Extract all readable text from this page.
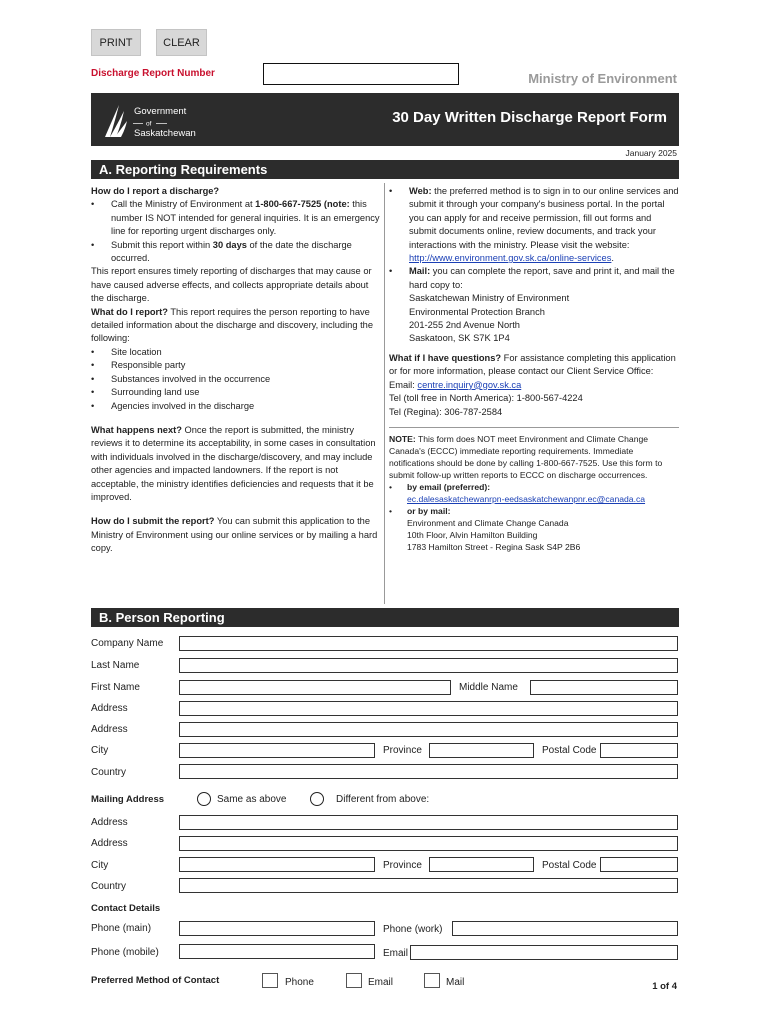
PRINT	CLEAR
Discharge Report Number	Ministry of Environment
Government
of
Saskatchewan
30 Day Written Discharge Report Form
January 2025
A. Reporting Requirements
How do I report a discharge?
• Call the Ministry of Environment at 1-800-667-7525 (note: this number IS NOT intended for general inquiries. It is an emergency line for reporting urgent discharges only.
• Submit this report within 30 days of the date the discharge occurred.
This report ensures timely reporting of discharges that may cause or have caused adverse effects, and collects appropriate details about the discharge.
What do I report? This report requires the person reporting to have detailed information about the discharge and discovery, including the following:
• Site location
• Responsible party
• Substances involved in the occurrence
• Surrounding land use
• Agencies involved in the discharge
What happens next? Once the report is submitted, the ministry reviews it to determine its acceptability, in some cases in consultation with individuals involved in the discharge/discovery, and may include other agencies and impacted landowners. If the report is not acceptable, the ministry identifies deficiencies and requests that it be improved.
How do I submit the report? You can submit this application to the Ministry of Environment using our online services or by mailing a hard copy.
• Web: the preferred method is to sign in to our online services and submit it through your company's business portal. In the portal you can apply for and receive permission, fill out forms and submit documents online, review documents, and track your interactions with the ministry. Please visit the website:
http://www.environment.gov.sk.ca/online-services.
• Mail: you can complete the report, save and print it, and mail the hard copy to:
Saskatchewan Ministry of Environment
Environmental Protection Branch
201-255 2nd Avenue North
Saskatoon, SK S7K 1P4
What if I have questions? For assistance completing this application or for more information, please contact our Client Service Office:
Email: centre.inquiry@gov.sk.ca
Tel (toll free in North America): 1-800-567-4224
Tel (Regina): 306-787-2584
NOTE: This form does NOT meet Environment and Climate Change Canada's (ECCC) immediate reporting requirements. Immediate notifications should be done by calling 1-800-667-7525. Use this form to submit follow-up written reports to ECCC on discharge occurrences.
• by email (preferred):
ec.dalesaskatchewanrpn-eedsaskatchewanpnr.ec@canada.ca
• or by mail:
Environment and Climate Change Canada
10th Floor, Alvin Hamilton Building
1783 Hamilton Street - Regina Sask S4P 2B6
B. Person Reporting
Company Name
Last Name
First Name	Middle Name
Address
Address
City	Province	Postal Code
Country
Mailing Address	Same as above	Different from above:
Address
Address
City	Province	Postal Code
Country
Contact Details
Phone (main)	Phone (work)
Phone (mobile)	Email
Preferred Method of Contact	Phone	Email	Mail	1 of 4
